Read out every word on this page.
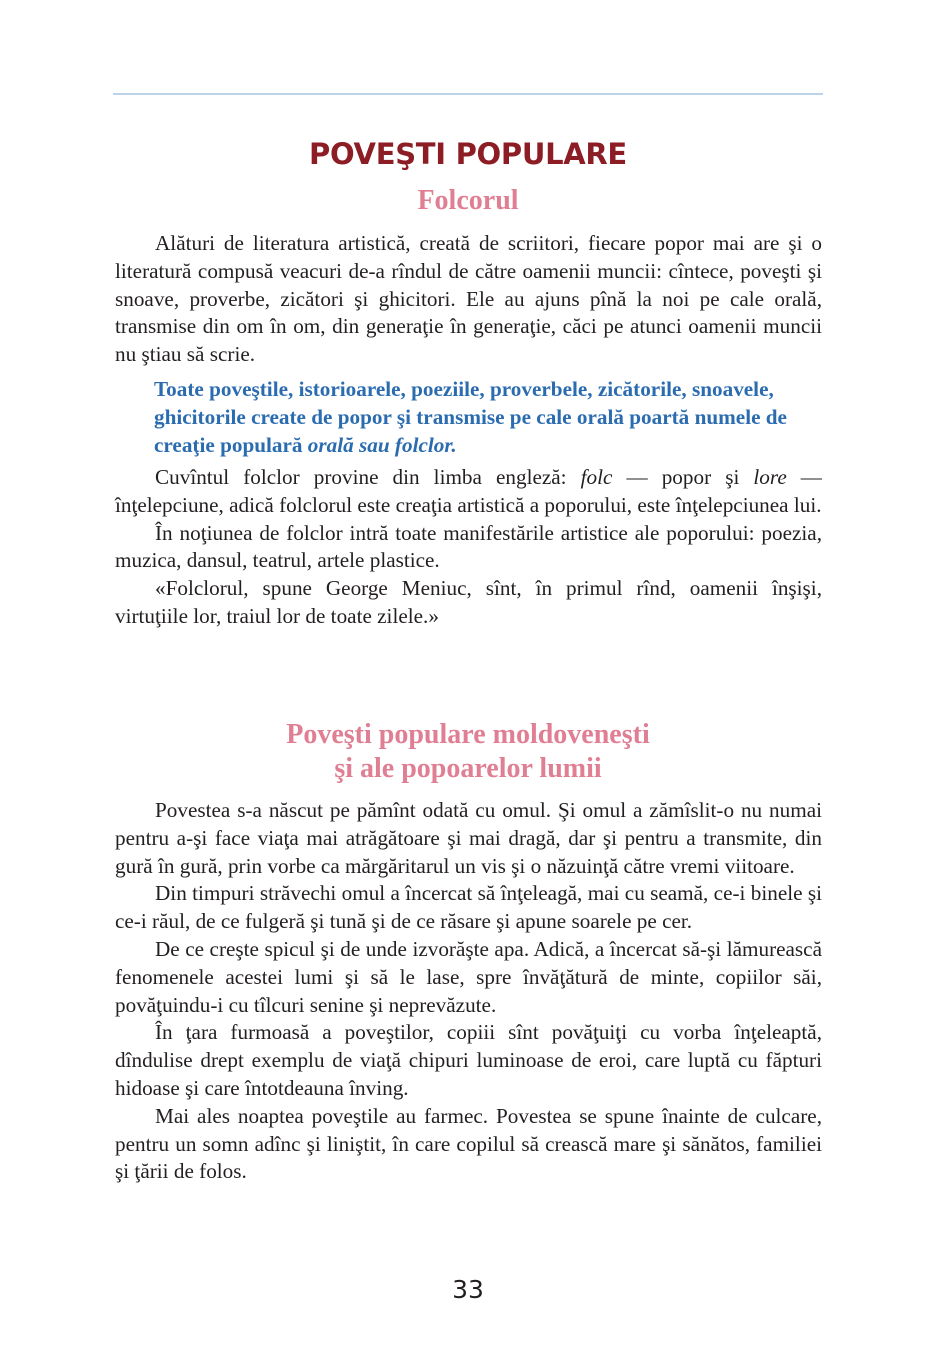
POVEŞTI POPULARE
Folcorul

Alături de literatura artistică, creată de scriitori, fiecare popor mai are şi o literatură compusă veacuri de-a rîndul de către oamenii muncii: cîntece, poveşti şi snoave, proverbe, zicători şi ghicitori. Ele au ajuns pînă la noi pe cale orală, transmise din om în om, din generaţie în generaţie, căci pe atunci oamenii muncii nu ştiau să scrie.

Toate poveştile, istorioarele, poeziile, proverbele, zicătorile, snoavele, ghicitorile create de popor şi transmise pe cale orală poartă numele de creaţie populară orală sau folclor.

Cuvîntul folclor provine din limba engleză: folc — popor şi lore — înţelepciune, adică folclorul este creaţia artistică a poporului, este înţelepciunea lui.

În noţiunea de folclor intră toate manifestările artistice ale poporului: poezia, muzica, dansul, teatrul, artele plastice.

«Folclorul, spune George Meniuc, sînt, în primul rînd, oamenii înşişi, virtuţiile lor, traiul lor de toate zilele.»

Poveşti populare moldoveneşti
şi ale popoarelor lumii

Povestea s-a născut pe pămînt odată cu omul. Şi omul a zămîslit-o nu numai pentru a-şi face viaţa mai atrăgătoare şi mai dragă, dar şi pentru a transmite, din gură în gură, prin vorbe ca mărgăritarul un vis şi o năzuinţă către vremi viitoare.

Din timpuri străvechi omul a încercat să înţeleagă, mai cu seamă, ce-i binele şi ce-i răul, de ce fulgeră şi tună şi de ce răsare şi apune soarele pe cer.

De ce creşte spicul şi de unde izvorăşte apa. Adică, a încercat să-şi lămurească fenomenele acestei lumi şi să le lase, spre învăţătură de minte, copiilor săi, povăţuindu-i cu tîlcuri senine şi neprevăzute.

În ţara furmoasă a poveştilor, copiii sînt povăţuiţi cu vorba înţeleaptă, dîndulise drept exemplu de viaţă chipuri luminoase de eroi, care luptă cu făpturi hidoase şi care întotdeauna înving.

Mai ales noaptea poveştile au farmec. Povestea se spune înainte de culcare, pentru un somn adînc şi liniştit, în care copilul să crească mare şi sănătos, familiei şi ţării de folos.

33
